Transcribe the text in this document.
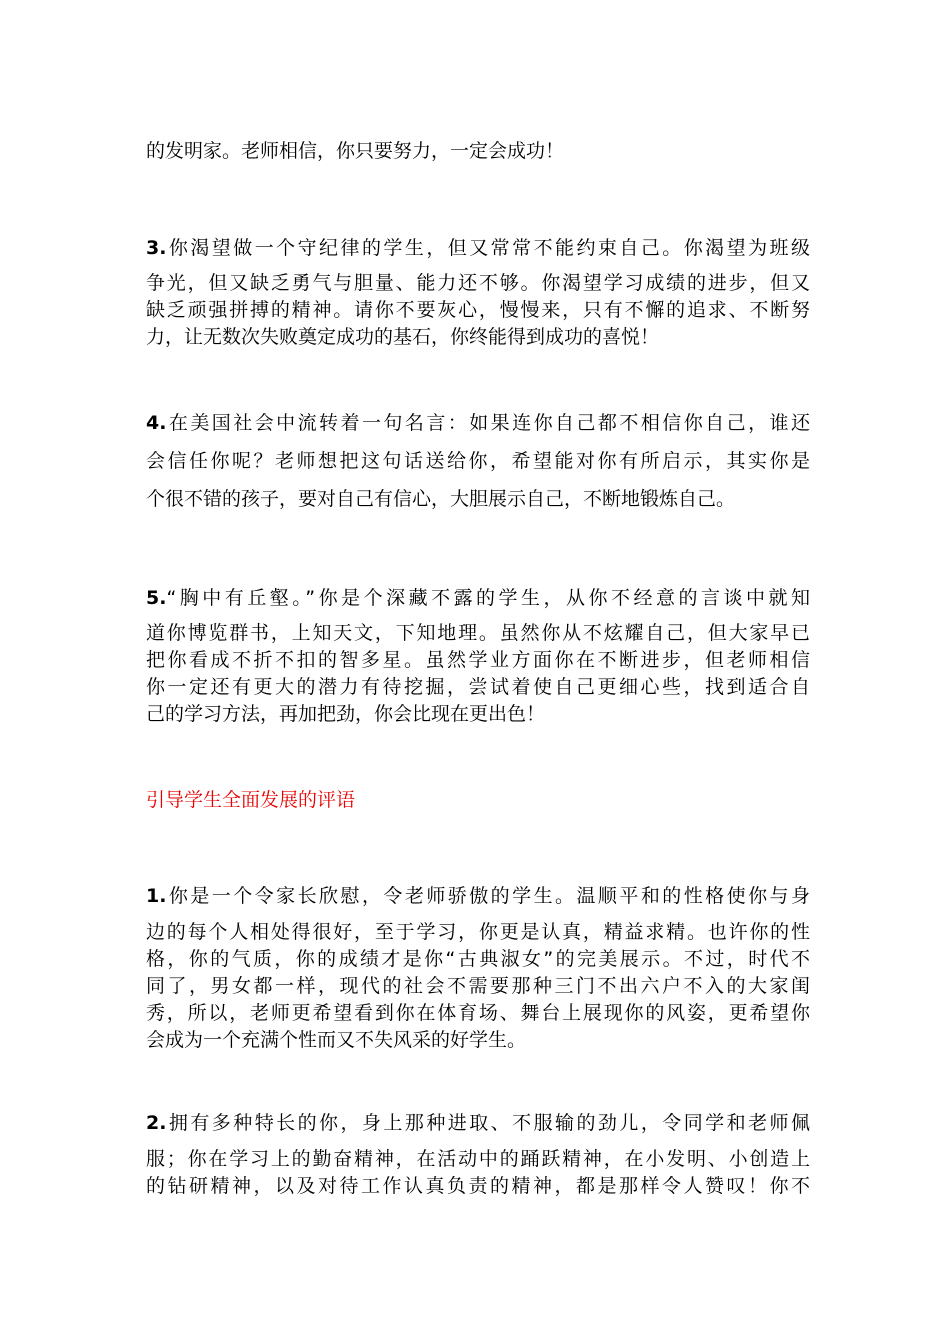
的发明家。老师相信，你只要努力，一定会成功！

3.你渴望做一个守纪律的学生，但又常常不能约束自己。你渴望为班级

争光，但又缺乏勇气与胆量、能力还不够。你渴望学习成绩的进步，但又

缺乏顽强拼搏的精神。请你不要灰心，慢慢来，只有不懈的追求、不断努

力，让无数次失败奠定成功的基石，你终能得到成功的喜悦！

4.在美国社会中流转着一句名言：如果连你自己都不相信你自己，谁还

会信任你呢？老师想把这句话送给你，希望能对你有所启示，其实你是

个很不错的孩子，要对自己有信心，大胆展示自己，不断地锻炼自己。

5.“胸中有丘壑。”你是个深藏不露的学生，从你不经意的言谈中就知

道你博览群书，上知天文，下知地理。虽然你从不炫耀自己，但大家早已

把你看成不折不扣的智多星。虽然学业方面你在不断进步，但老师相信

你一定还有更大的潜力有待挖掘，尝试着使自己更细心些，找到适合自

己的学习方法，再加把劲，你会比现在更出色！

引导学生全面发展的评语

1.你是一个令家长欣慰，令老师骄傲的学生。温顺平和的性格使你与身

边的每个人相处得很好，至于学习，你更是认真，精益求精。也许你的性

格，你的气质，你的成绩才是你“古典淑女”的完美展示。不过，时代不

同了，男女都一样，现代的社会不需要那种三门不出六户不入的大家闺

秀，所以，老师更希望看到你在体育场、舞台上展现你的风姿，更希望你

会成为一个充满个性而又不失风采的好学生。

2.拥有多种特长的你，身上那种进取、不服输的劲儿，令同学和老师佩

服；你在学习上的勤奋精神，在活动中的踊跃精神，在小发明、小创造上

的钻研精神，以及对待工作认真负责的精神，都是那样令人赞叹！你不
